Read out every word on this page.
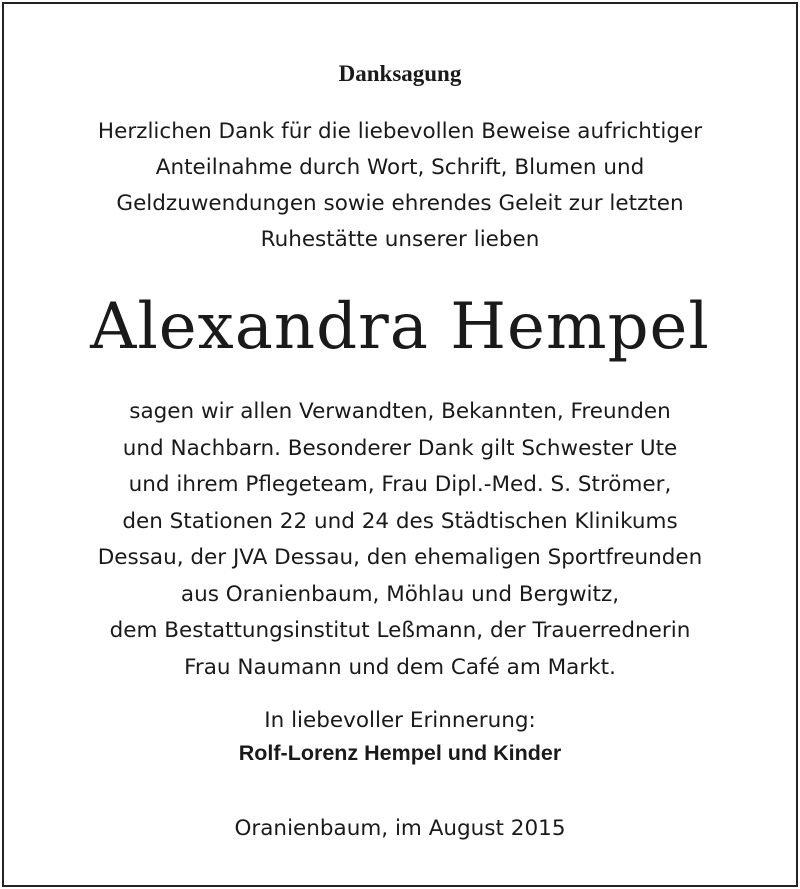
Danksagung
Herzlichen Dank für die liebevollen Beweise aufrichtiger
Anteilnahme durch Wort, Schrift, Blumen und
Geldzuwendungen sowie ehrendes Geleit zur letzten
Ruhestätte unserer lieben
Alexandra Hempel
sagen wir allen Verwandten, Bekannten, Freunden
und Nachbarn. Besonderer Dank gilt Schwester Ute
und ihrem Pflegeteam, Frau Dipl.-Med. S. Strömer,
den Stationen 22 und 24 des Städtischen Klinikums
Dessau, der JVA Dessau, den ehemaligen Sportfreunden
aus Oranienbaum, Möhlau und Bergwitz,
dem Bestattungsinstitut Leßmann, der Trauerrednerin
Frau Naumann und dem Café am Markt.
In liebevoller Erinnerung:
Rolf-Lorenz Hempel und Kinder
Oranienbaum, im August 2015
